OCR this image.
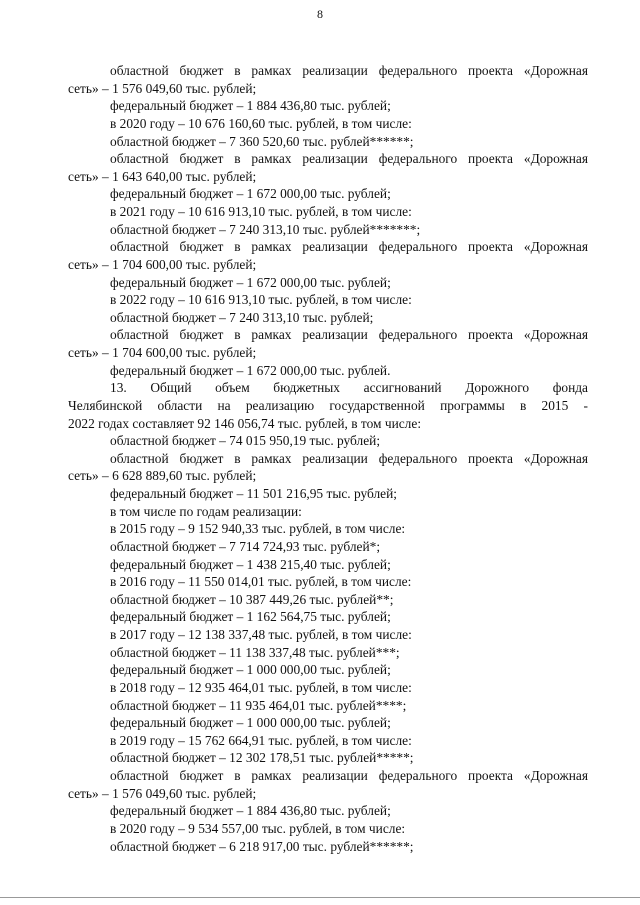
8
областной бюджет в рамках реализации федерального проекта «Дорожная
сеть» – 1 576 049,60 тыс. рублей;
федеральный бюджет – 1 884 436,80 тыс. рублей;
в 2020 году – 10 676 160,60 тыс. рублей, в том числе:
областной бюджет – 7 360 520,60 тыс. рублей******;
областной бюджет в рамках реализации федерального проекта «Дорожная
сеть» – 1 643 640,00 тыс. рублей;
федеральный бюджет – 1 672 000,00 тыс. рублей;
в 2021 году – 10 616 913,10 тыс. рублей, в том числе:
областной бюджет – 7 240 313,10 тыс. рублей*******;
областной бюджет в рамках реализации федерального проекта «Дорожная
сеть» – 1 704 600,00 тыс. рублей;
федеральный бюджет – 1 672 000,00 тыс. рублей;
в 2022 году – 10 616 913,10 тыс. рублей, в том числе:
областной бюджет – 7 240 313,10 тыс. рублей;
областной бюджет в рамках реализации федерального проекта «Дорожная
сеть» – 1 704 600,00 тыс. рублей;
федеральный бюджет – 1 672 000,00 тыс. рублей.
13. Общий объем бюджетных ассигнований Дорожного фонда
Челябинской области на реализацию государственной программы в 2015 -
2022 годах составляет 92 146 056,74 тыс. рублей, в том числе:
областной бюджет – 74 015 950,19 тыс. рублей;
областной бюджет в рамках реализации федерального проекта «Дорожная
сеть» – 6 628 889,60 тыс. рублей;
федеральный бюджет – 11 501 216,95 тыс. рублей;
в том числе по годам реализации:
в 2015 году – 9 152 940,33 тыс. рублей, в том числе:
областной бюджет – 7 714 724,93 тыс. рублей*;
федеральный бюджет – 1 438 215,40 тыс. рублей;
в 2016 году – 11 550 014,01 тыс. рублей, в том числе:
областной бюджет – 10 387 449,26 тыс. рублей**;
федеральный бюджет – 1 162 564,75 тыс. рублей;
в 2017 году – 12 138 337,48 тыс. рублей, в том числе:
областной бюджет – 11 138 337,48 тыс. рублей***;
федеральный бюджет – 1 000 000,00 тыс. рублей;
в 2018 году – 12 935 464,01 тыс. рублей, в том числе:
областной бюджет – 11 935 464,01 тыс. рублей****;
федеральный бюджет – 1 000 000,00 тыс. рублей;
в 2019 году – 15 762 664,91 тыс. рублей, в том числе:
областной бюджет – 12 302 178,51 тыс. рублей*****;
областной бюджет в рамках реализации федерального проекта «Дорожная
сеть» – 1 576 049,60 тыс. рублей;
федеральный бюджет – 1 884 436,80 тыс. рублей;
в 2020 году – 9 534 557,00 тыс. рублей, в том числе:
областной бюджет – 6 218 917,00 тыс. рублей******;
